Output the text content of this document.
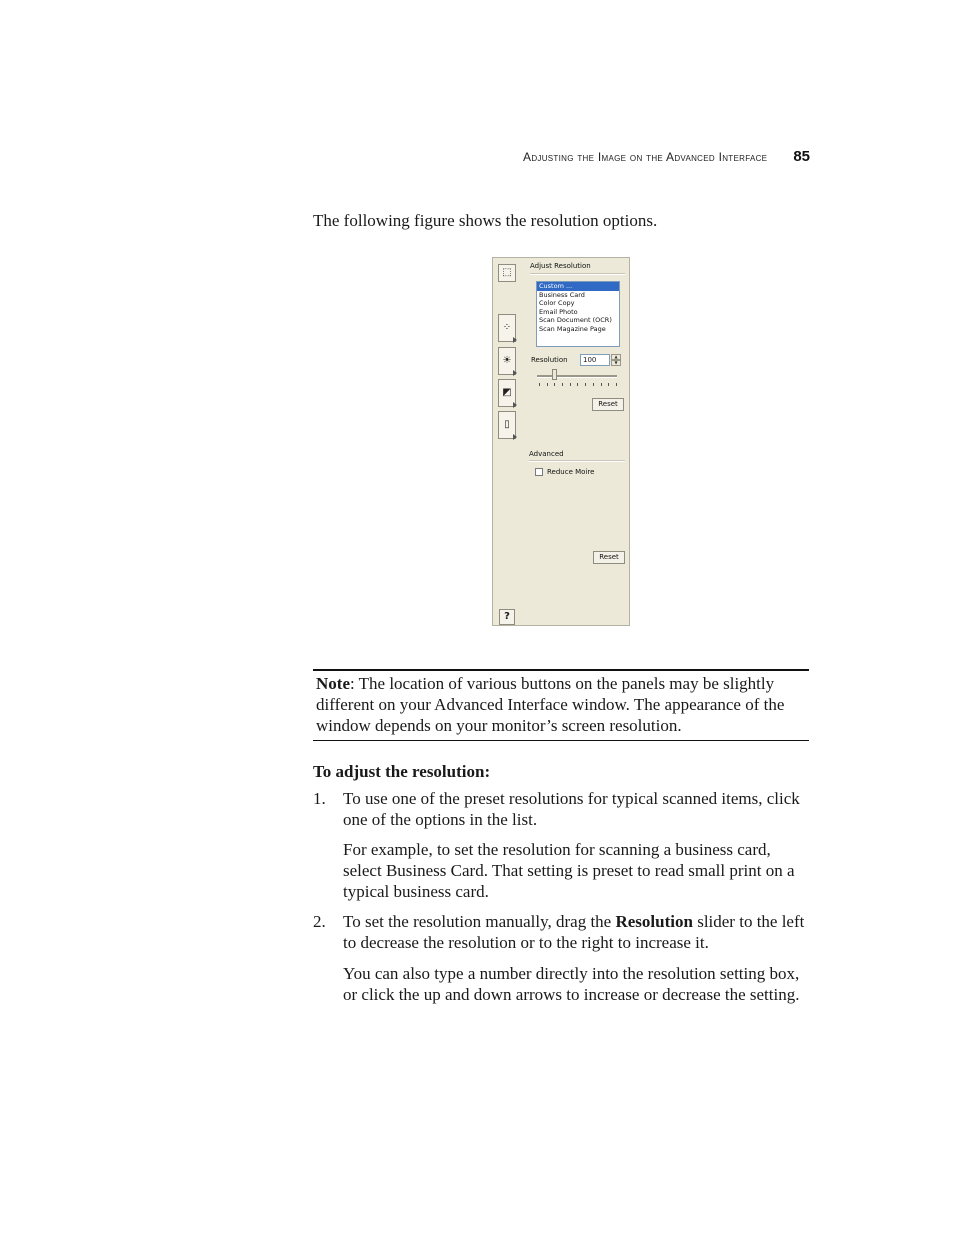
Adjusting the Image on the Advanced Interface 85
The following figure shows the resolution options.
⬚
⁘
☀
◩
▯
Adjust Resolution
Custom ...
Business Card
Color Copy
Email Photo
Scan Document (OCR)
Scan Magazine Page
Resolution	100	▲
▼
Reset
Advanced
Reduce Moire
Reset
?
Note: The location of various buttons on the panels may be slightly different on your Advanced Interface window. The appearance of the window depends on your monitor’s screen resolution.
To adjust the resolution:
1. To use one of the preset resolutions for typical scanned items, click one of the options in the list.
For example, to set the resolution for scanning a business card, select Business Card. That setting is preset to read small print on a typical business card.
2. To set the resolution manually, drag the Resolution slider to the left to decrease the resolution or to the right to increase it.
You can also type a number directly into the resolution setting box, or click the up and down arrows to increase or decrease the setting.
